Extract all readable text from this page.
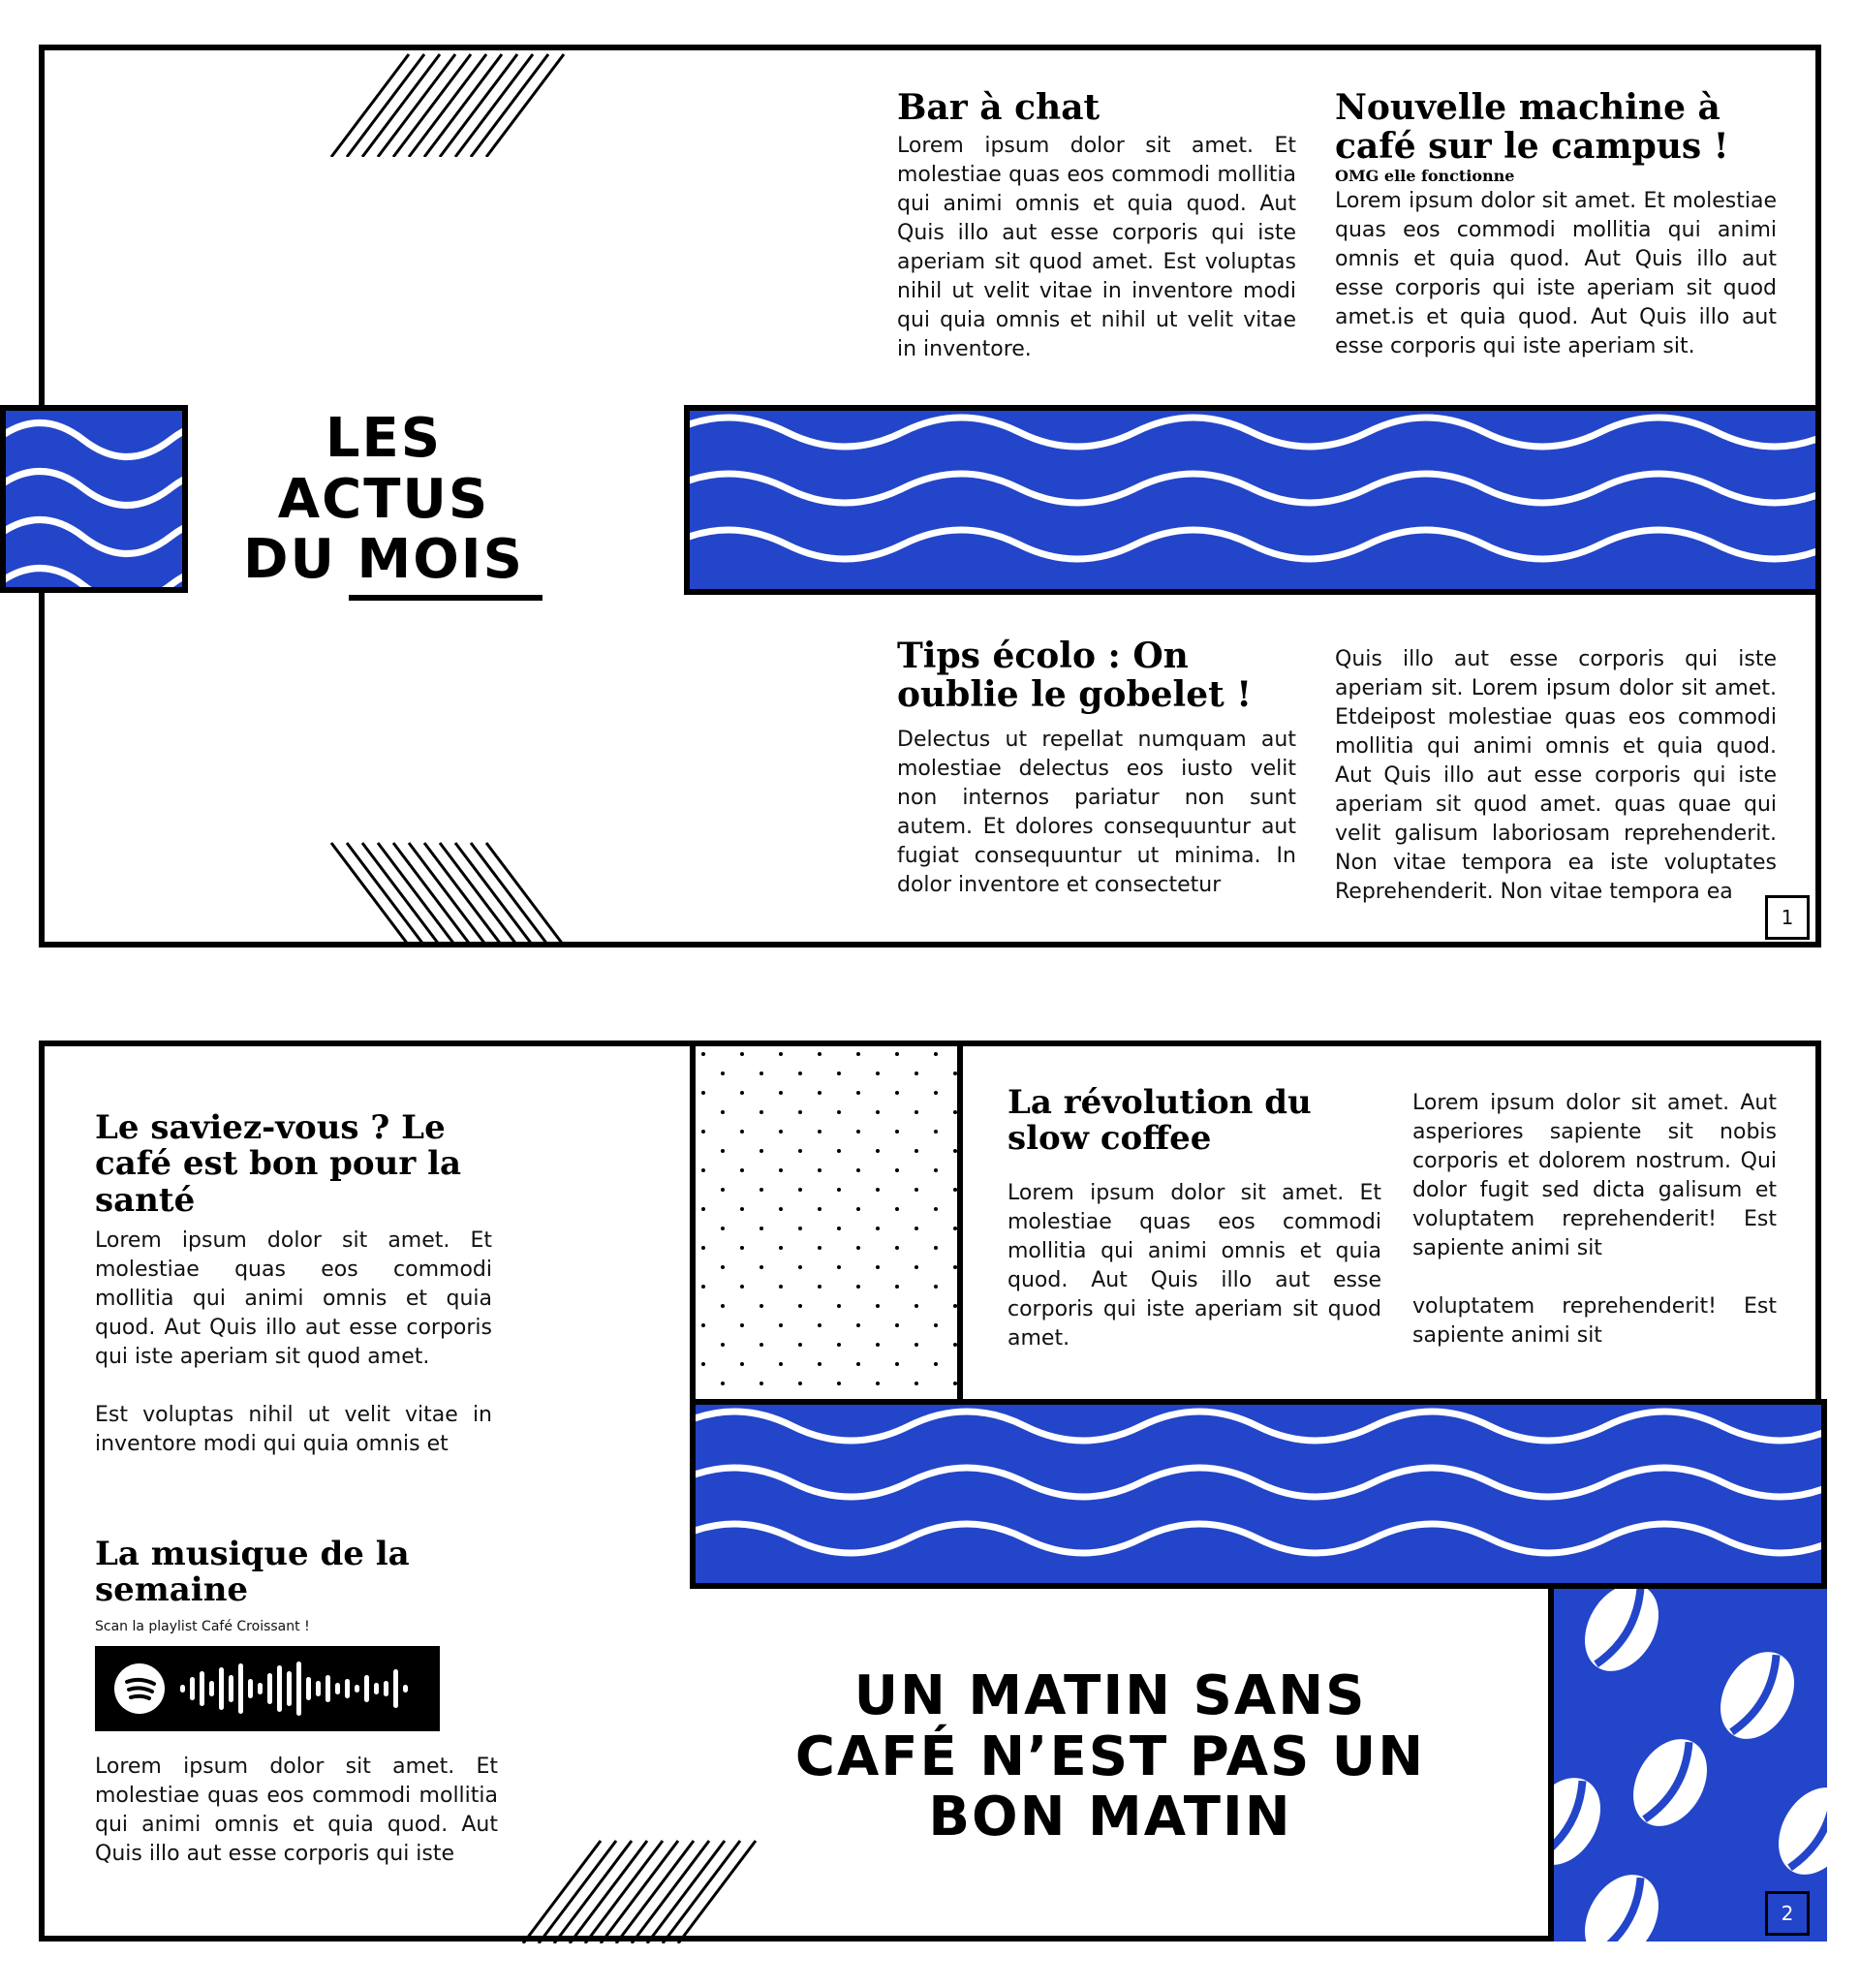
LES ACTUS
DU MOIS
Bar à chat

Lorem ipsum dolor sit amet. Et molestiae quas eos commodi mollitia qui animi omnis et quia quod. Aut Quis illo aut esse corporis qui iste aperiam sit quod amet. Est voluptas nihil ut velit vitae in inventore modi qui quia omnis et nihil ut velit vitae in inventore.

Nouvelle machine à café sur le campus !
OMG elle fonctionne

Lorem ipsum dolor sit amet. Et molestiae quas eos commodi mollitia qui animi omnis et quia quod. Aut Quis illo aut esse corporis qui iste aperiam sit quod amet.is et quia quod. Aut Quis illo aut esse corporis qui iste aperiam sit.

Tips écolo : On oublie le gobelet !

Delectus ut repellat numquam aut molestiae delectus eos iusto velit non internos pariatur non sunt autem. Et dolores consequuntur aut fugiat consequuntur ut minima. In dolor inventore et consectetur

Quis illo aut esse corporis qui iste aperiam sit. Lorem ipsum dolor sit amet. Etdeipost molestiae quas eos commodi mollitia qui animi omnis et quia quod. Aut Quis illo aut esse corporis qui iste aperiam sit quod amet. quas quae qui velit galisum laboriosam reprehenderit. Non vitae tempora ea iste voluptates Reprehenderit. Non vitae tempora ea

1
Le saviez-vous ? Le café est bon pour la santé

Lorem ipsum dolor sit amet. Et molestiae quas eos commodi mollitia qui animi omnis et quia quod. Aut Quis illo aut esse corporis qui iste aperiam sit quod amet.

Est voluptas nihil ut velit vitae in inventore modi qui quia omnis et

La musique de la semaine
Scan la playlist Café Croissant !

Lorem ipsum dolor sit amet. Et molestiae quas eos commodi mollitia qui animi omnis et quia quod. Aut Quis illo aut esse corporis qui iste

La révolution du slow coffee

Lorem ipsum dolor sit amet. Et molestiae quas eos commodi mollitia qui animi omnis et quia quod. Aut Quis illo aut esse corporis qui iste aperiam sit quod amet.

Lorem ipsum dolor sit amet. Aut asperiores sapiente sit nobis corporis et dolorem nostrum. Qui dolor fugit sed dicta galisum et voluptatem reprehenderit! Est sapiente animi sit

voluptatem reprehenderit! Est sapiente animi sit

UN MATIN SANS
CAFÉ N’EST PAS UN
BON MATIN
2
